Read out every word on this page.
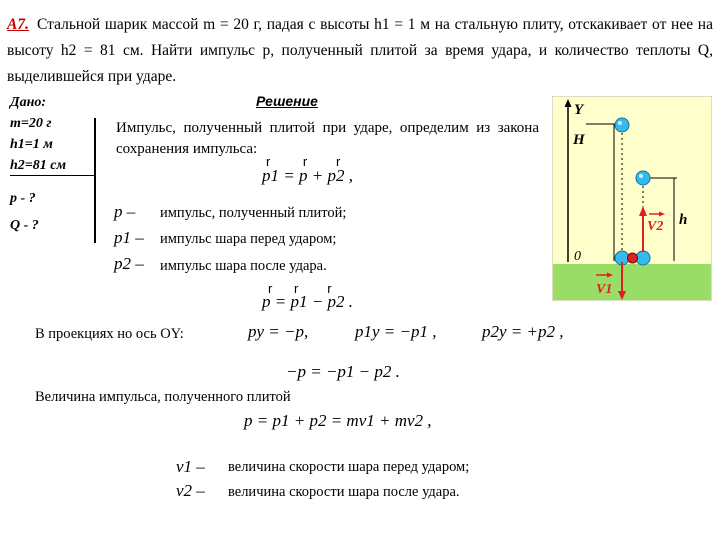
А7. Стальной шарик массой m = 20 г, падая с высоты h1 = 1 м на стальную плиту, отскакивает от нее на высоту h2 = 81 см. Найти импульс p, полученный плитой за время удара, и количество теплоты Q, выделившейся при ударе.
Дано:
m=20 г
h1=1 м
h2=81 см
p - ?
Q - ?
Решение
Импульс, полученный плитой при ударе, определим из закона сохранения импульса:
p1 = p + p2 ,
r         r        r
p – импульс, полученный плитой;
p1 – импульс шара перед ударом;
p2 – импульс шара после удара.
r      r        r
p = p1 − p2 .
В проекциях но ось OY:	py = −p,	p1y = −p1 ,	p2y = +p2 ,
−p = −p1 − p2 .
Величина импульса, полученного плитой
p = p1 + p2 = mv1 + mv2 ,
v1 – величина скорости шара перед ударом;
v2 – величина скорости шара после удара.
Y
H
0
h
V2
V1
